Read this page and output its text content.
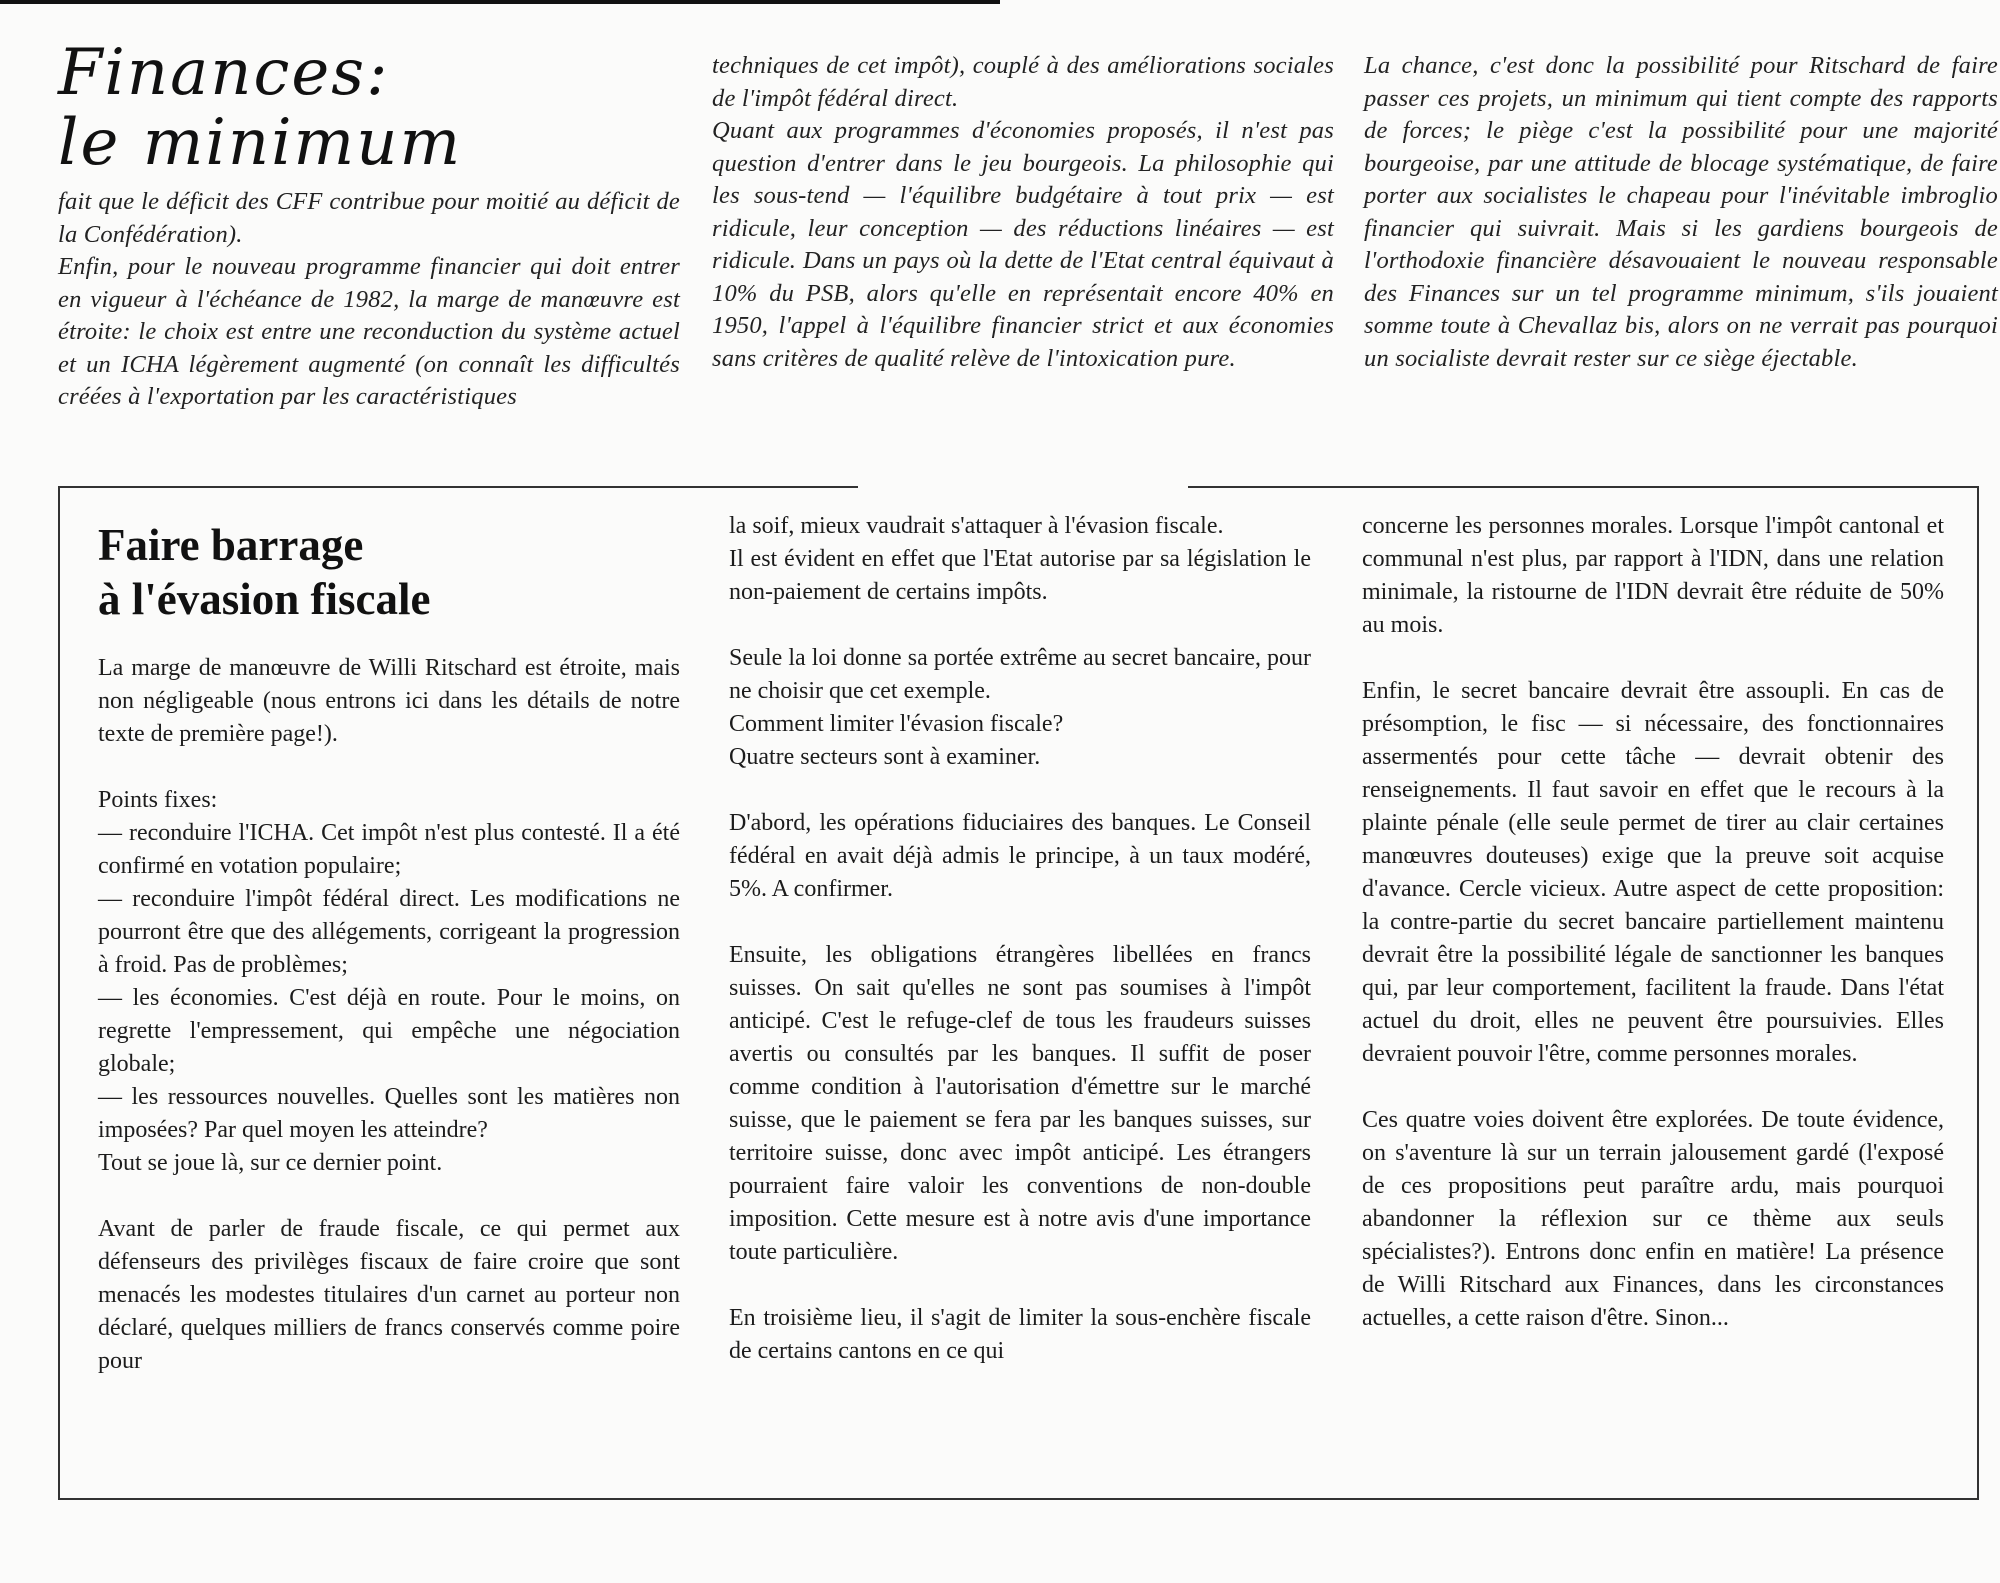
Finances:
le minimum

fait que le déficit des CFF contribue pour moitié au déficit de la Confédération).

Enfin, pour le nouveau programme financier qui doit entrer en vigueur à l'échéance de 1982, la marge de manœuvre est étroite: le choix est entre une reconduction du système actuel et un ICHA légèrement augmenté (on connaît les difficultés créées à l'exportation par les caractéristiques

techniques de cet impôt), couplé à des améliorations sociales de l'impôt fédéral direct.

Quant aux programmes d'économies proposés, il n'est pas question d'entrer dans le jeu bourgeois. La philosophie qui les sous-tend — l'équilibre budgétaire à tout prix — est ridicule, leur conception — des réductions linéaires — est ridicule. Dans un pays où la dette de l'Etat central équivaut à 10% du PSB, alors qu'elle en représentait encore 40% en 1950, l'appel à l'équilibre financier strict et aux économies sans critères de qualité relève de l'intoxication pure.

La chance, c'est donc la possibilité pour Ritschard de faire passer ces projets, un minimum qui tient compte des rapports de forces; le piège c'est la possibilité pour une majorité bourgeoise, par une attitude de blocage systématique, de faire porter aux socialistes le chapeau pour l'inévitable imbroglio financier qui suivrait. Mais si les gardiens bourgeois de l'orthodoxie financière désavouaient le nouveau responsable des Finances sur un tel programme minimum, s'ils jouaient somme toute à Chevallaz bis, alors on ne verrait pas pourquoi un socialiste devrait rester sur ce siège éjectable.

Faire barrage
à l'évasion fiscale

La marge de manœuvre de Willi Ritschard est étroite, mais non négligeable (nous entrons ici dans les détails de notre texte de première page!).

Points fixes:

— reconduire l'ICHA. Cet impôt n'est plus contesté. Il a été confirmé en votation populaire;

— reconduire l'impôt fédéral direct. Les modifications ne pourront être que des allégements, corrigeant la progression à froid. Pas de problèmes;

— les économies. C'est déjà en route. Pour le moins, on regrette l'empressement, qui empêche une négociation globale;

— les ressources nouvelles. Quelles sont les matières non imposées? Par quel moyen les atteindre?

Tout se joue là, sur ce dernier point.

Avant de parler de fraude fiscale, ce qui permet aux défenseurs des privilèges fiscaux de faire croire que sont menacés les modestes titulaires d'un carnet au porteur non déclaré, quelques milliers de francs conservés comme poire pour

la soif, mieux vaudrait s'attaquer à l'évasion fiscale.

Il est évident en effet que l'Etat autorise par sa législation le non-paiement de certains impôts.

Seule la loi donne sa portée extrême au secret bancaire, pour ne choisir que cet exemple.

Comment limiter l'évasion fiscale?

Quatre secteurs sont à examiner.

D'abord, les opérations fiduciaires des banques. Le Conseil fédéral en avait déjà admis le principe, à un taux modéré, 5%. A confirmer.

Ensuite, les obligations étrangères libellées en francs suisses. On sait qu'elles ne sont pas soumises à l'impôt anticipé. C'est le refuge-clef de tous les fraudeurs suisses avertis ou consultés par les banques. Il suffit de poser comme condition à l'autorisation d'émettre sur le marché suisse, que le paiement se fera par les banques suisses, sur territoire suisse, donc avec impôt anticipé. Les étrangers pourraient faire valoir les conventions de non-double imposition. Cette mesure est à notre avis d'une importance toute particulière.

En troisième lieu, il s'agit de limiter la sous-enchère fiscale de certains cantons en ce qui

concerne les personnes morales. Lorsque l'impôt cantonal et communal n'est plus, par rapport à l'IDN, dans une relation minimale, la ristourne de l'IDN devrait être réduite de 50% au mois.

Enfin, le secret bancaire devrait être assoupli. En cas de présomption, le fisc — si nécessaire, des fonctionnaires assermentés pour cette tâche — devrait obtenir des renseignements. Il faut savoir en effet que le recours à la plainte pénale (elle seule permet de tirer au clair certaines manœuvres douteuses) exige que la preuve soit acquise d'avance. Cercle vicieux. Autre aspect de cette proposition: la contre-partie du secret bancaire partiellement maintenu devrait être la possibilité légale de sanctionner les banques qui, par leur comportement, facilitent la fraude. Dans l'état actuel du droit, elles ne peuvent être poursuivies. Elles devraient pouvoir l'être, comme personnes morales.

Ces quatre voies doivent être explorées. De toute évidence, on s'aventure là sur un terrain jalousement gardé (l'exposé de ces propositions peut paraître ardu, mais pourquoi abandonner la réflexion sur ce thème aux seuls spécialistes?). Entrons donc enfin en matière! La présence de Willi Ritschard aux Finances, dans les circonstances actuelles, a cette raison d'être. Sinon...
